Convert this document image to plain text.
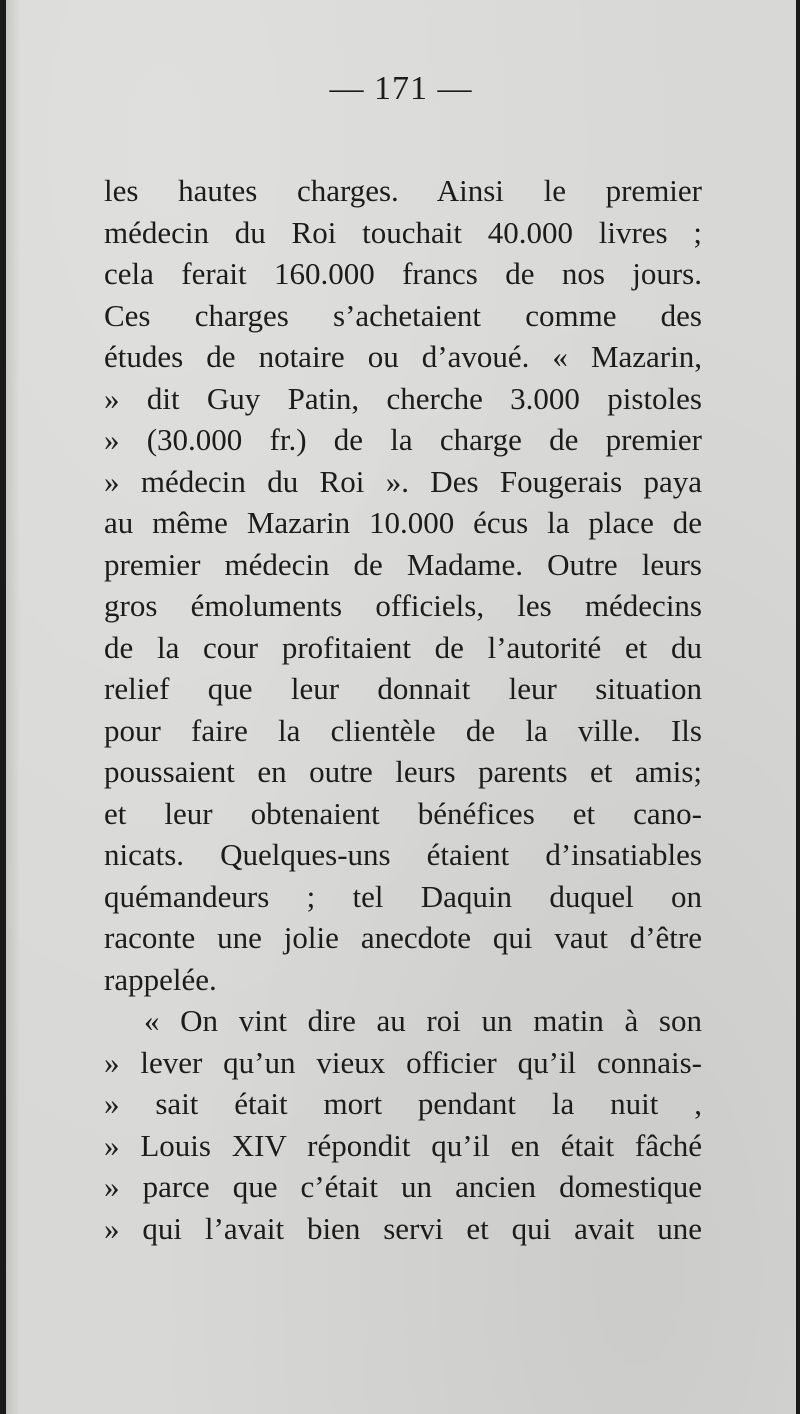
— 171 —
les hautes charges. Ainsi le premier
médecin du Roi touchait 40.000 livres ;
cela ferait 160.000 francs de nos jours.
Ces charges s’achetaient comme des
études de notaire ou d’avoué. « Mazarin,
» dit Guy Patin, cherche 3.000 pistoles
» (30.000 fr.) de la charge de premier
» médecin du Roi ». Des Fougerais paya
au même Mazarin 10.000 écus la place de
premier médecin de Madame. Outre leurs
gros émoluments officiels, les médecins
de la cour profitaient de l’autorité et du
relief que leur donnait leur situation
pour faire la clientèle de la ville. Ils
poussaient en outre leurs parents et amis;
et leur obtenaient bénéfices et cano-
nicats. Quelques-uns étaient d’insatiables
quémandeurs ; tel Daquin duquel on
raconte une jolie anecdote qui vaut d’être
rappelée.
« On vint dire au roi un matin à son
» lever qu’un vieux officier qu’il connais-
» sait était mort pendant la nuit ,
» Louis XIV répondit qu’il en était fâché
» parce que c’était un ancien domestique
» qui l’avait bien servi et qui avait une
